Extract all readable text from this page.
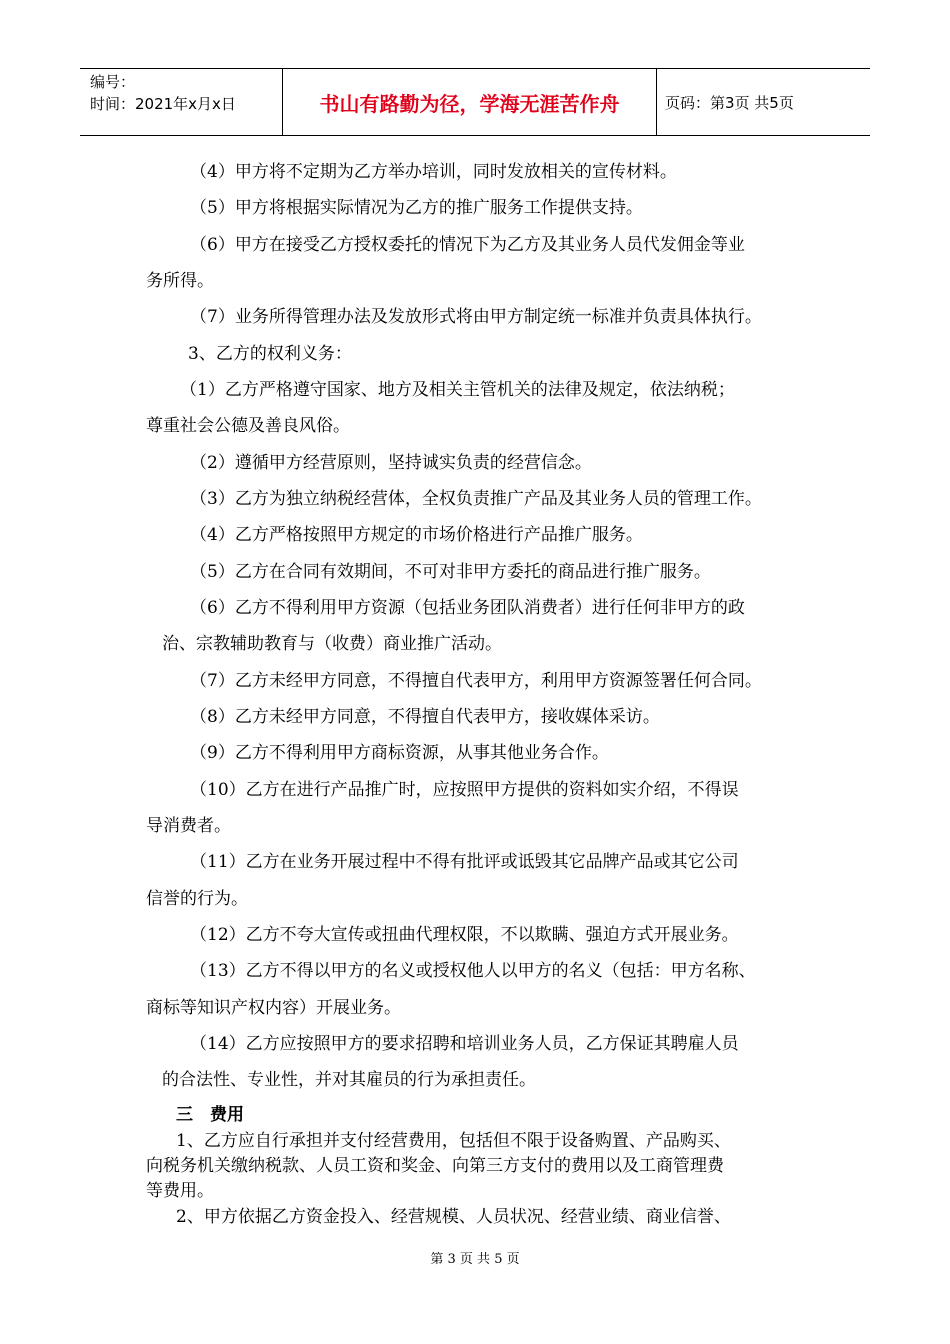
编号：
时间：2021年x月x日	书山有路勤为径，学海无涯苦作舟	页码：第3页 共5页
（4）甲方将不定期为乙方举办培训，同时发放相关的宣传材料。
（5）甲方将根据实际情况为乙方的推广服务工作提供支持。
（6）甲方在接受乙方授权委托的情况下为乙方及其业务人员代发佣金等业
务所得。
（7）业务所得管理办法及发放形式将由甲方制定统一标准并负责具体执行。
3、乙方的权利义务：
（1）乙方严格遵守国家、地方及相关主管机关的法律及规定，依法纳税；
尊重社会公德及善良风俗。
（2）遵循甲方经营原则，坚持诚实负责的经营信念。
（3）乙方为独立纳税经营体，全权负责推广产品及其业务人员的管理工作。
（4）乙方严格按照甲方规定的市场价格进行产品推广服务。
（5）乙方在合同有效期间，不可对非甲方委托的商品进行推广服务。
（6）乙方不得利用甲方资源（包括业务团队消费者）进行任何非甲方的政
治、宗教辅助教育与（收费）商业推广活动。
（7）乙方未经甲方同意，不得擅自代表甲方，利用甲方资源签署任何合同。
（8）乙方未经甲方同意，不得擅自代表甲方，接收媒体采访。
（9）乙方不得利用甲方商标资源，从事其他业务合作。
（10）乙方在进行产品推广时，应按照甲方提供的资料如实介绍，不得误
导消费者。
（11）乙方在业务开展过程中不得有批评或诋毁其它品牌产品或其它公司
信誉的行为。
（12）乙方不夸大宣传或扭曲代理权限，不以欺瞒、强迫方式开展业务。
（13）乙方不得以甲方的名义或授权他人以甲方的名义（包括：甲方名称、
商标等知识产权内容）开展业务。
（14）乙方应按照甲方的要求招聘和培训业务人员，乙方保证其聘雇人员
的合法性、专业性，并对其雇员的行为承担责任。
三　费用
1、乙方应自行承担并支付经营费用，包括但不限于设备购置、产品购买、
向税务机关缴纳税款、人员工资和奖金、向第三方支付的费用以及工商管理费
等费用。
2、甲方依据乙方资金投入、经营规模、人员状况、经营业绩、商业信誉、
第 3 页 共 5 页
